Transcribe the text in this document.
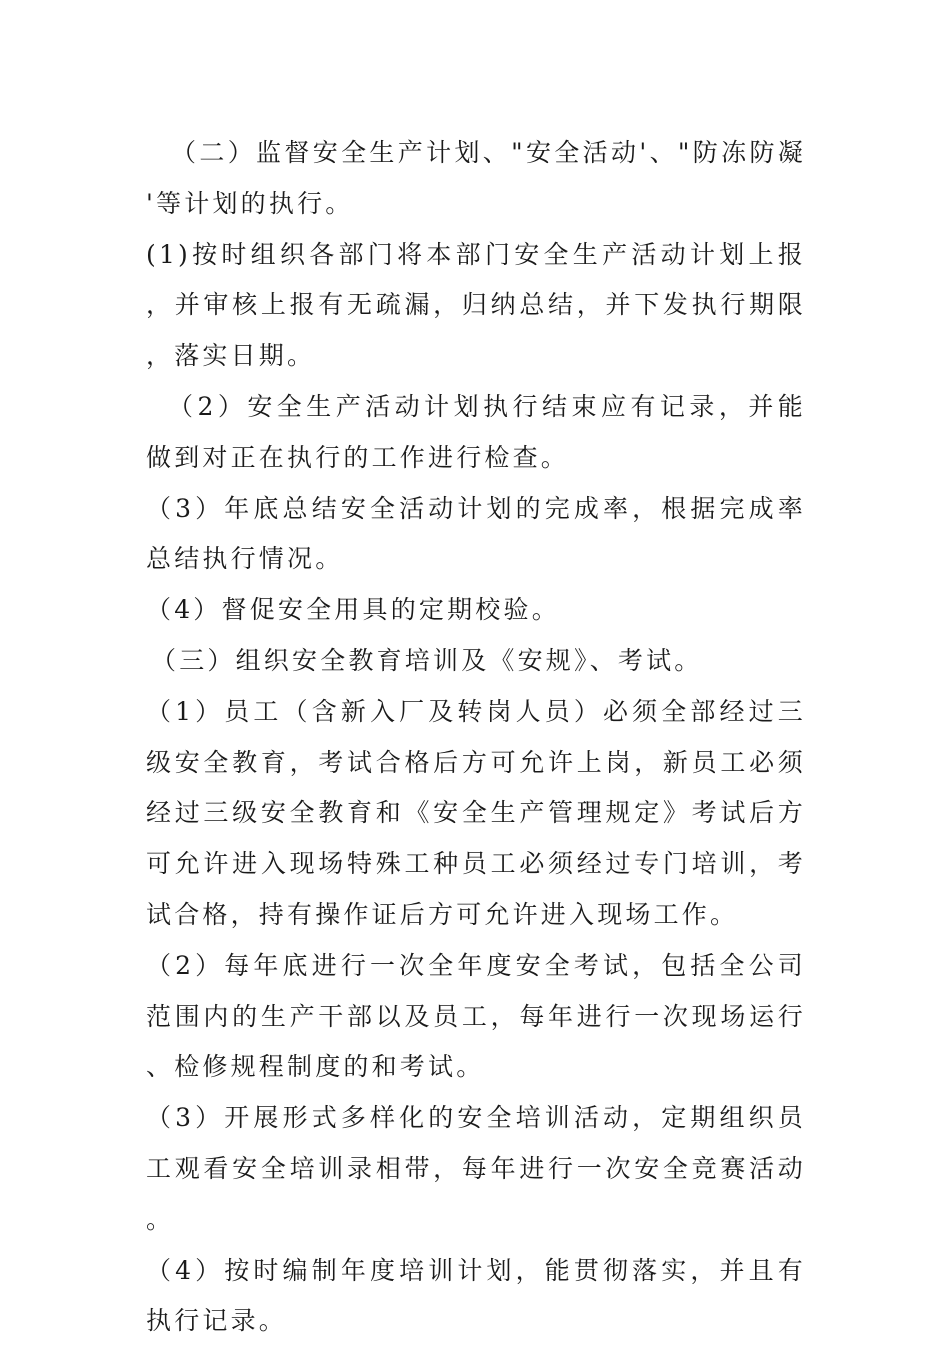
（二）监督安全生产计划、"安全活动'、"防冻防凝'等计划的执行。

(1)按时组织各部门将本部门安全生产活动计划上报，并审核上报有无疏漏，归纳总结，并下发执行期限，落实日期。

（2）安全生产活动计划执行结束应有记录，并能做到对正在执行的工作进行检查。

（3）年底总结安全活动计划的完成率，根据完成率总结执行情况。

（4）督促安全用具的定期校验。

（三）组织安全教育培训及《安规》、考试。

（1）员工（含新入厂及转岗人员）必须全部经过三级安全教育，考试合格后方可允许上岗，新员工必须经过三级安全教育和《安全生产管理规定》考试后方可允许进入现场特殊工种员工必须经过专门培训，考试合格，持有操作证后方可允许进入现场工作。

（2）每年底进行一次全年度安全考试，包括全公司范围内的生产干部以及员工，每年进行一次现场运行、检修规程制度的和考试。

（3）开展形式多样化的安全培训活动，定期组织员工观看安全培训录相带，每年进行一次安全竞赛活动。

（4）按时编制年度培训计划，能贯彻落实，并且有执行记录。
